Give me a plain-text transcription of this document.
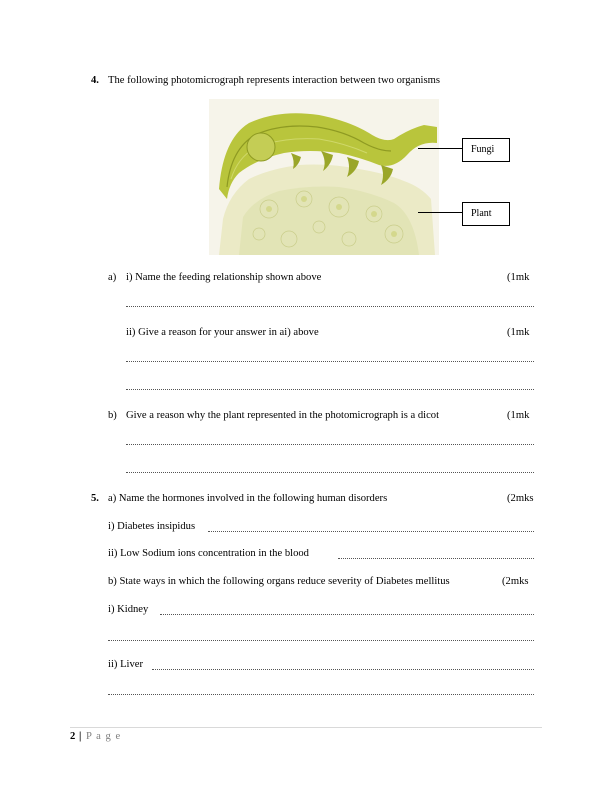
4. The following photomicrograph represents interaction between two organisms
Fungi
Plant
a) i) Name the feeding relationship shown above	(1mk
ii) Give a reason for your answer in ai) above	(1mk
b) Give a reason why the plant represented in the photomicrograph is a dicot	(1mk
5. a) Name the hormones involved in the following human disorders	(2mks
i) Diabetes insipidus
ii) Low Sodium ions concentration in the blood
b) State ways in which the following organs reduce severity of Diabetes mellitus	(2mks
i) Kidney
ii) Liver
2 | P a g e
